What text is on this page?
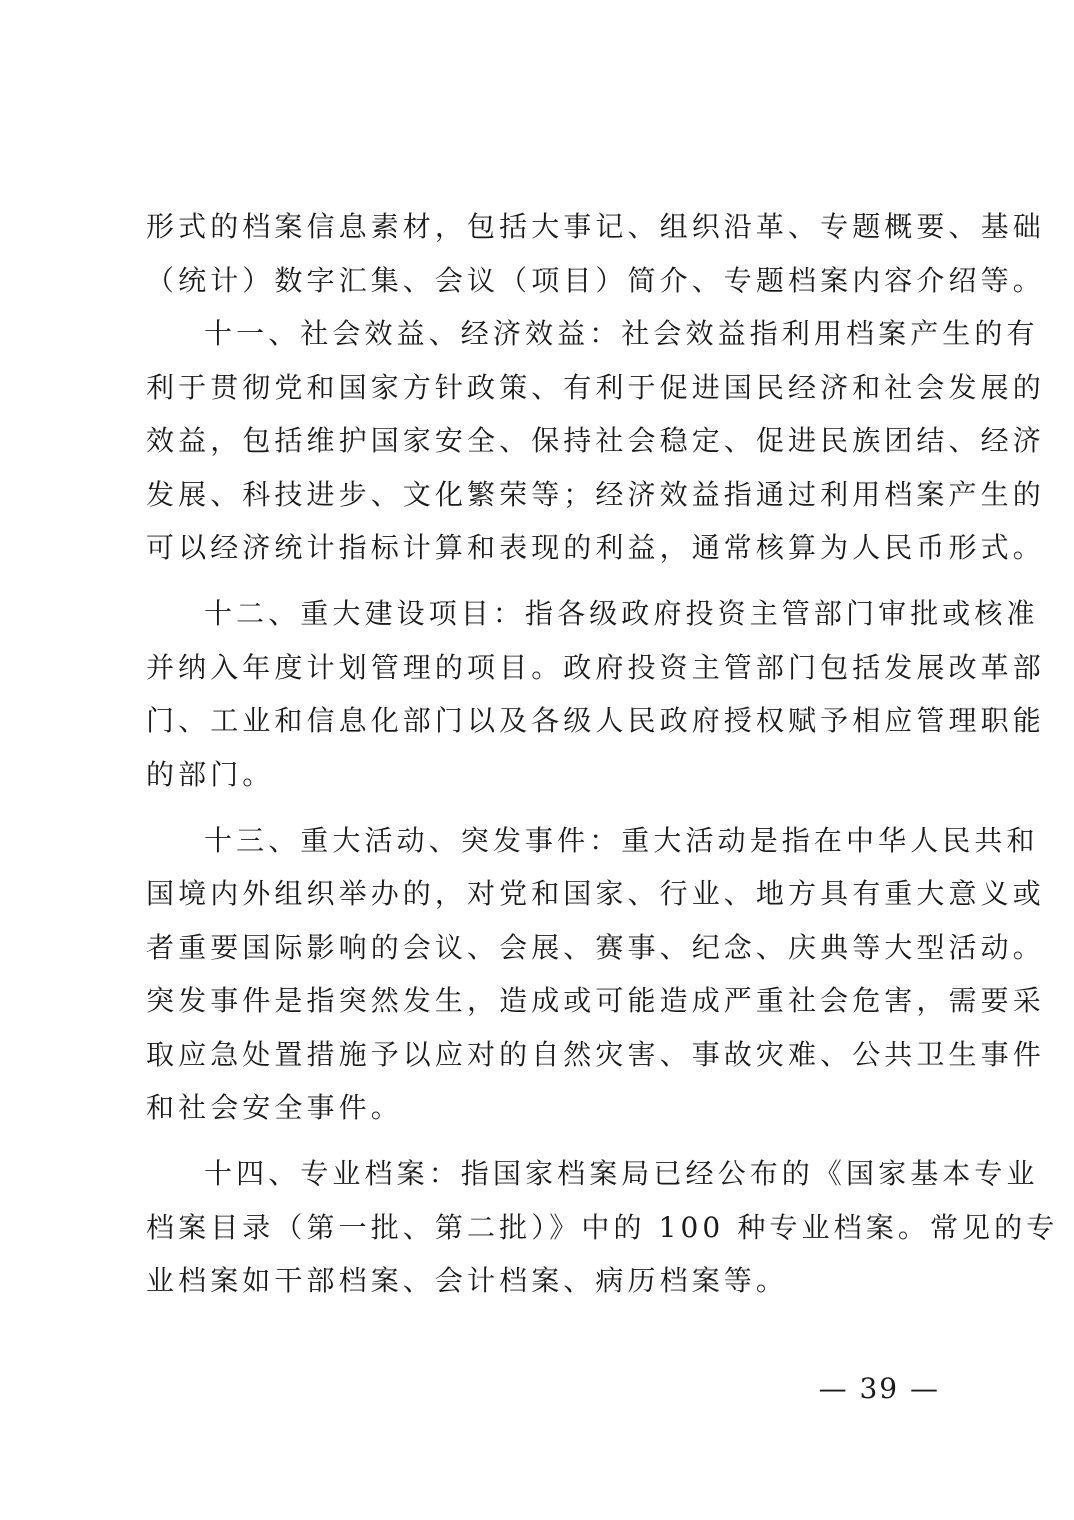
形式的档案信息素材，包括大事记、组织沿革、专题概要、基础
（统计）数字汇集、会议（项目）简介、专题档案内容介绍等。
十一、社会效益、经济效益：社会效益指利用档案产生的有
利于贯彻党和国家方针政策、有利于促进国民经济和社会发展的
效益，包括维护国家安全、保持社会稳定、促进民族团结、经济
发展、科技进步、文化繁荣等；经济效益指通过利用档案产生的
可以经济统计指标计算和表现的利益，通常核算为人民币形式。
十二、重大建设项目：指各级政府投资主管部门审批或核准
并纳入年度计划管理的项目。政府投资主管部门包括发展改革部
门、工业和信息化部门以及各级人民政府授权赋予相应管理职能
的部门。
十三、重大活动、突发事件：重大活动是指在中华人民共和
国境内外组织举办的，对党和国家、行业、地方具有重大意义或
者重要国际影响的会议、会展、赛事、纪念、庆典等大型活动。
突发事件是指突然发生，造成或可能造成严重社会危害，需要采
取应急处置措施予以应对的自然灾害、事故灾难、公共卫生事件
和社会安全事件。
十四、专业档案：指国家档案局已经公布的《国家基本专业
档案目录（第一批、第二批）》中的 100 种专业档案。常见的专
业档案如干部档案、会计档案、病历档案等。
— 39 —
